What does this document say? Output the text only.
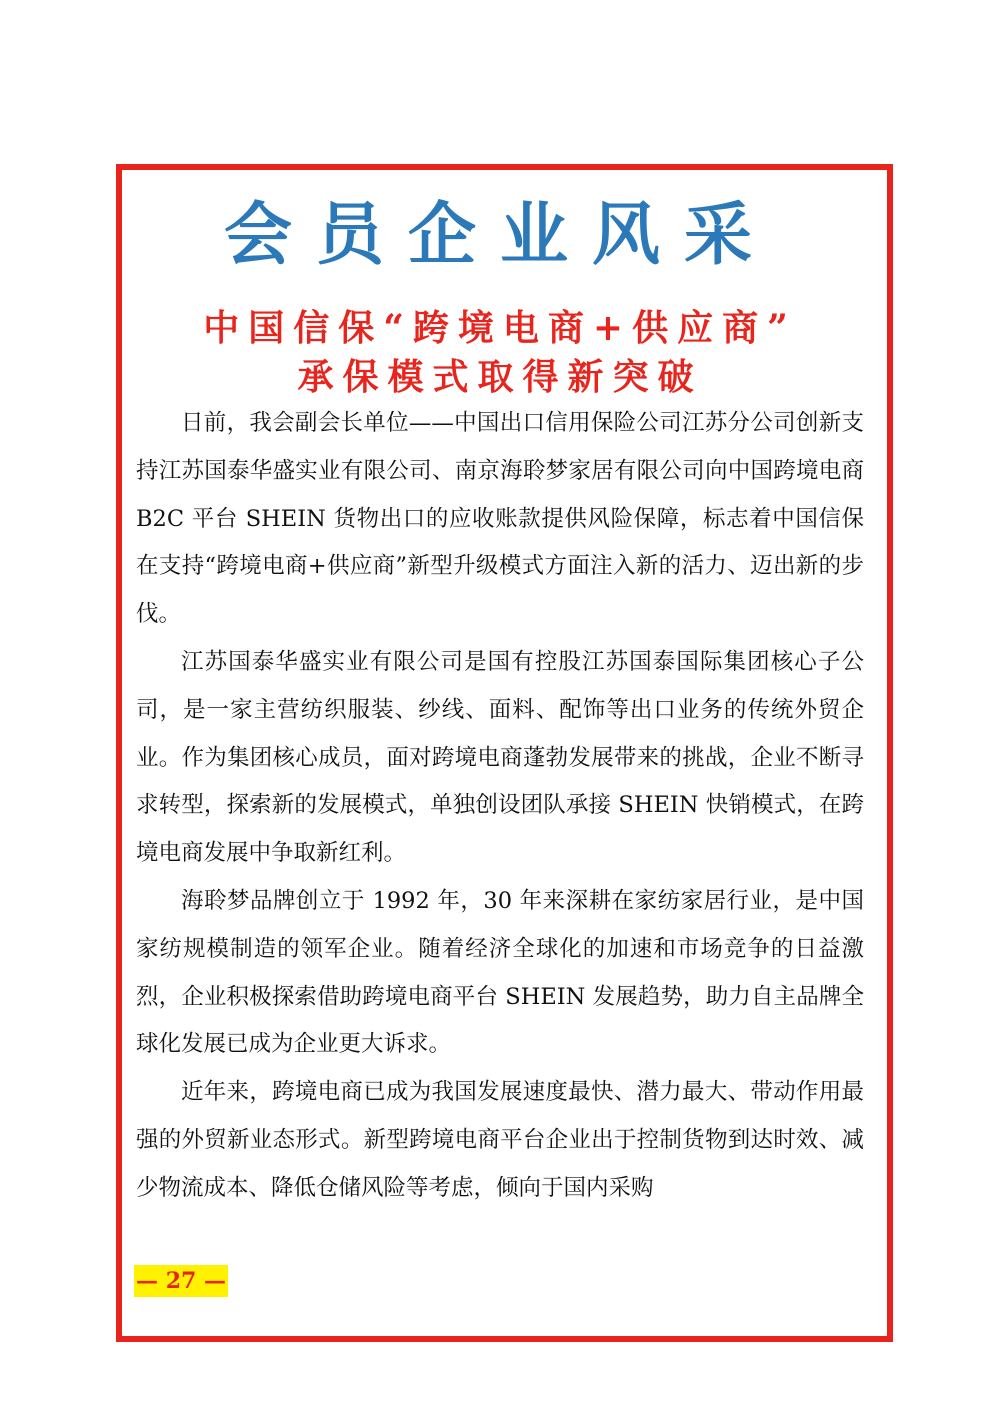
会员企业风采
中国信保“跨境电商+供应商”
承保模式取得新突破

日前，我会副会长单位——中国出口信用保险公司江苏分公司创新支持江苏国泰华盛实业有限公司、南京海聆梦家居有限公司向中国跨境电商 B2C 平台 SHEIN 货物出口的应收账款提供风险保障，标志着中国信保在支持“跨境电商+供应商”新型升级模式方面注入新的活力、迈出新的步伐。

江苏国泰华盛实业有限公司是国有控股江苏国泰国际集团核心子公司，是一家主营纺织服装、纱线、面料、配饰等出口业务的传统外贸企业。作为集团核心成员，面对跨境电商蓬勃发展带来的挑战，企业不断寻求转型，探索新的发展模式，单独创设团队承接 SHEIN 快销模式，在跨境电商发展中争取新红利。

海聆梦品牌创立于 1992 年，30 年来深耕在家纺家居行业，是中国家纺规模制造的领军企业。随着经济全球化的加速和市场竞争的日益激烈，企业积极探索借助跨境电商平台 SHEIN 发展趋势，助力自主品牌全球化发展已成为企业更大诉求。

近年来，跨境电商已成为我国发展速度最快、潜力最大、带动作用最强的外贸新业态形式。新型跨境电商平台企业出于控制货物到达时效、减少物流成本、降低仓储风险等考虑，倾向于国内采购

— 27 —
